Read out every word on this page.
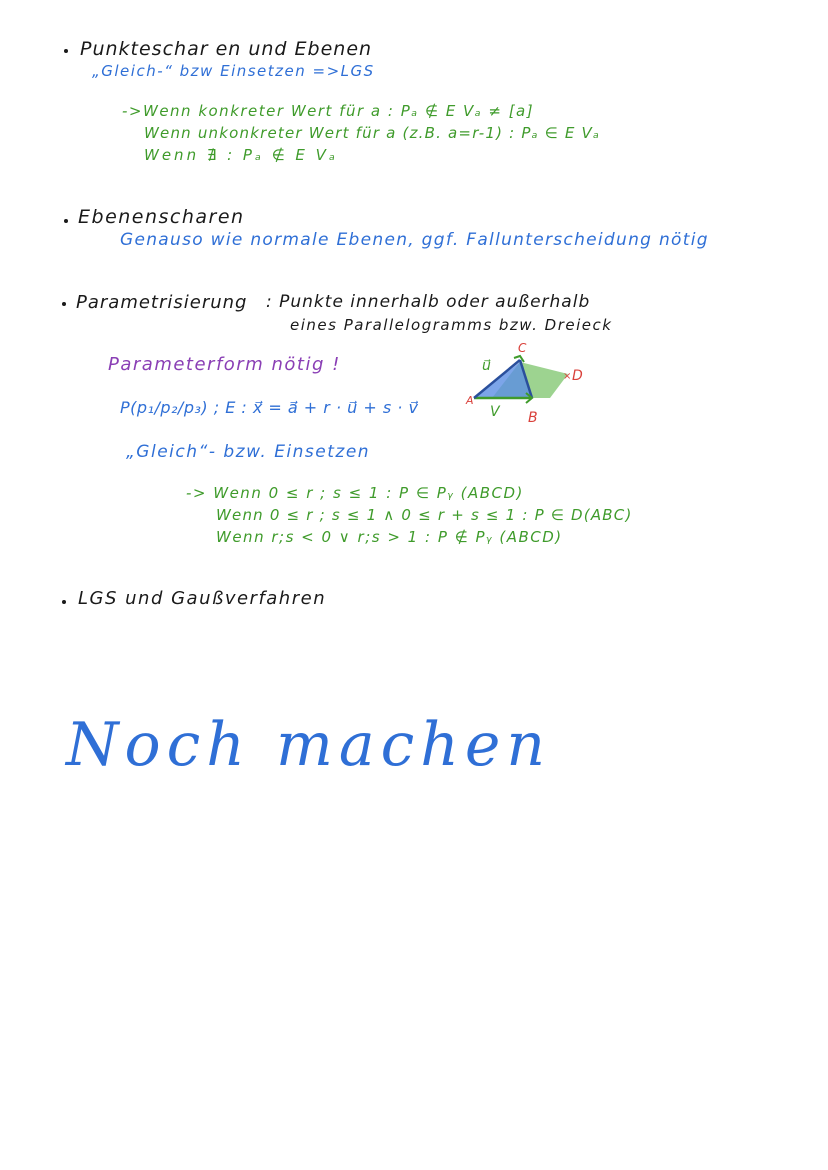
Punkteschar en und Ebenen
„Gleich-“ bzw Einsetzen =>LGS
->Wenn konkreter Wert für a : Pₐ ∉ E Vₐ ≠ [a]
Wenn unkonkreter Wert für a (z.B. a=r-1) : Pₐ ∈ E Vₐ
Wenn ∄ : Pₐ ∉ E Vₐ
Ebenenscharen
Genauso wie normale Ebenen, ggf. Fallunterscheidung nötig
Parametrisierung : Punkte innerhalb oder außerhalb
eines Parallelogramms bzw. Dreieck
Parameterform nötig !
P(p₁/p₂/p₃) ; E : x⃗ = a⃗ + r · u⃗ + s · v⃗
„Gleich“- bzw. Einsetzen
-> Wenn 0 ≤ r ; s ≤ 1 : P ∈ Pᵧ (ABCD)
Wenn 0 ≤ r ; s ≤ 1 ∧ 0 ≤ r + s ≤ 1 : P ∈ D(ABC)
Wenn r;s < 0 ∨ r;s > 1 : P ∉ Pᵧ (ABCD)
u⃗
V
A
B
C
× D
LGS und Gaußverfahren
Noch machen
